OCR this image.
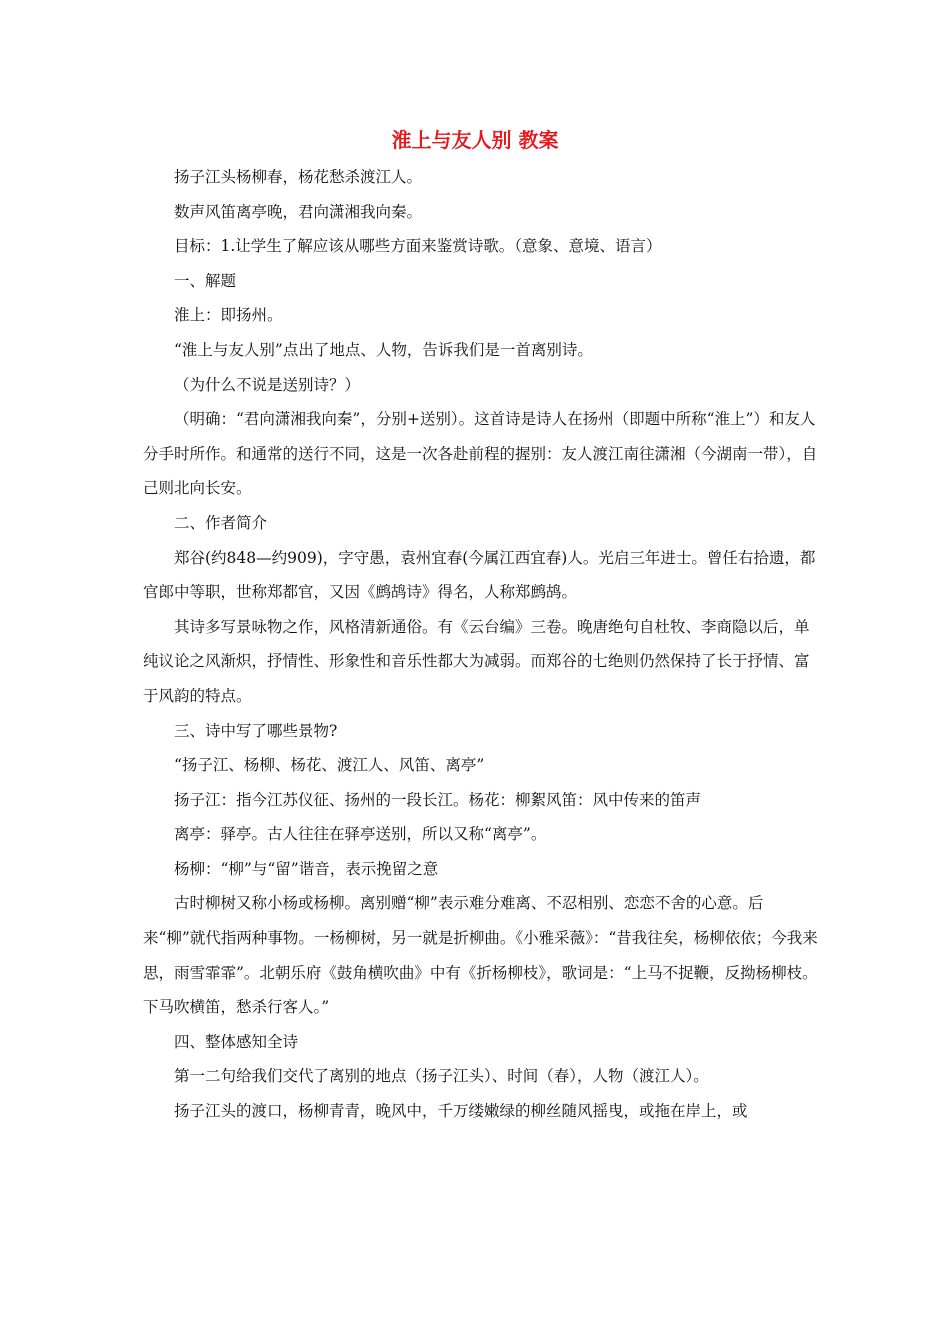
淮上与友人别 教案

扬子江头杨柳春，杨花愁杀渡江人。

数声风笛离亭晚，君向潇湘我向秦。

目标：1.让学生了解应该从哪些方面来鉴赏诗歌。（意象、意境、语言）

一、解题

淮上：即扬州。

“淮上与友人别”点出了地点、人物，告诉我们是一首离别诗。

（为什么不说是送别诗？）

（明确：“君向潇湘我向秦”，分别+送别）。这首诗是诗人在扬州（即题中所称“淮上”）和友人分手时所作。和通常的送行不同，这是一次各赴前程的握别：友人渡江南往潇湘（今湖南一带），自己则北向长安。

二、作者简介

郑谷(约848—约909)，字守愚，袁州宜春(今属江西宜春)人。光启三年进士。曾任右拾遗，都官郎中等职，世称郑都官，又因《鹧鸪诗》得名，人称郑鹧鸪。

其诗多写景咏物之作，风格清新通俗。有《云台编》三卷。晚唐绝句自杜牧、李商隐以后，单纯议论之风渐炽，抒情性、形象性和音乐性都大为减弱。而郑谷的七绝则仍然保持了长于抒情、富于风韵的特点。

三、诗中写了哪些景物?

“扬子江、杨柳、杨花、渡江人、风笛、离亭”

扬子江：指今江苏仪征、扬州的一段长江。杨花：柳絮风笛：风中传来的笛声

离亭：驿亭。古人往往在驿亭送别，所以又称“离亭”。

杨柳：“柳”与“留”谐音，表示挽留之意

古时柳树又称小杨或杨柳。离别赠“柳”表示难分难离、不忍相别、恋恋不舍的心意。后来“柳”就代指两种事物。一杨柳树，另一就是折柳曲。《小雅采薇》：“昔我往矣，杨柳依依；今我来思，雨雪霏霏”。北朝乐府《鼓角横吹曲》中有《折杨柳枝》，歌词是：“上马不捉鞭，反拗杨柳枝。下马吹横笛，愁杀行客人。”

四、整体感知全诗

第一二句给我们交代了离别的地点（扬子江头）、时间（春），人物（渡江人）。

扬子江头的渡口，杨柳青青，晚风中，千万缕嫩绿的柳丝随风摇曳，或拖在岸上，或
